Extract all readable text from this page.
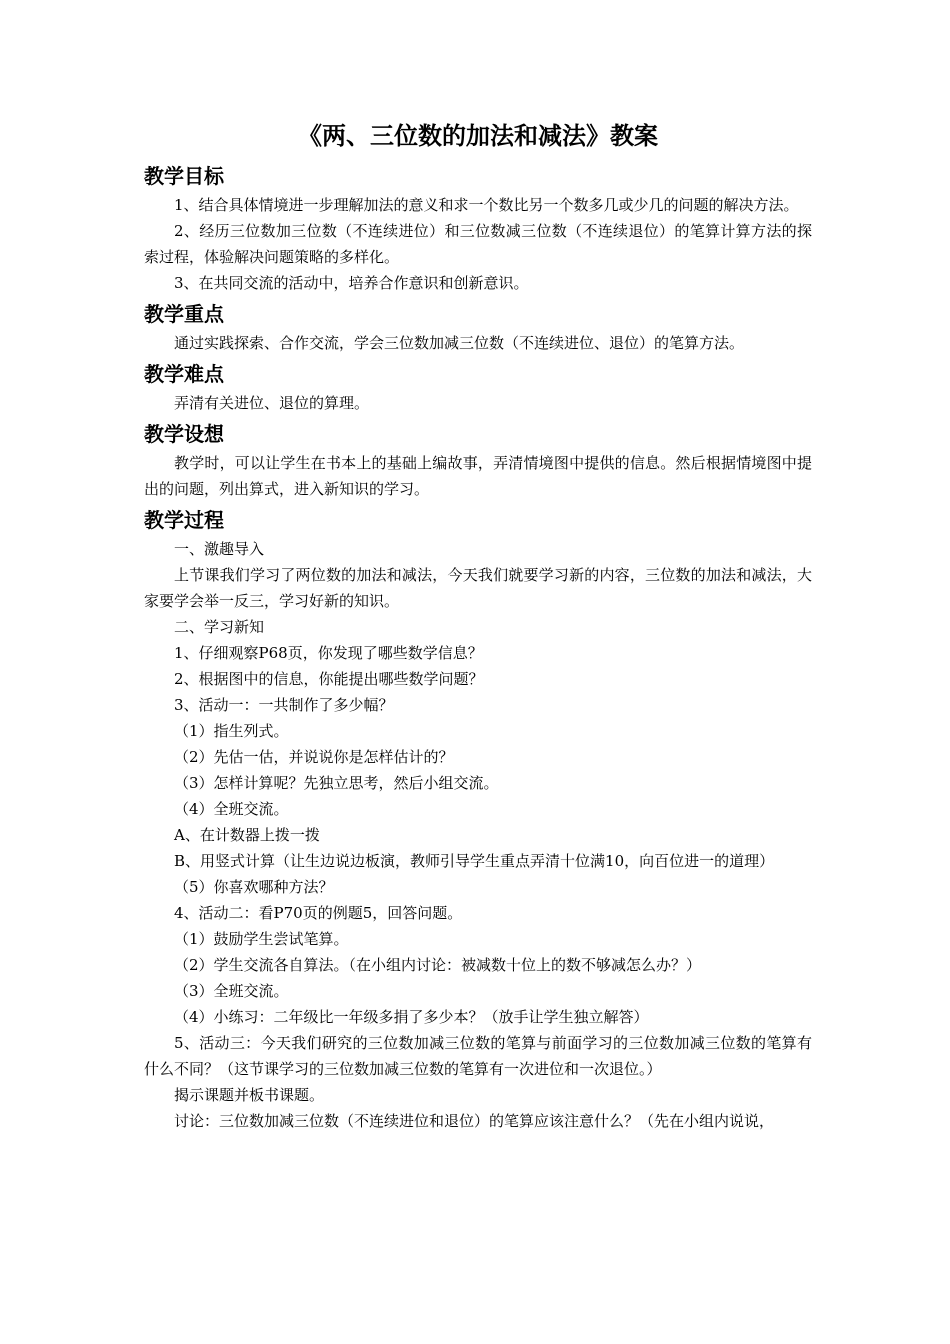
《两、三位数的加法和减法》教案
教学目标

1、结合具体情境进一步理解加法的意义和求一个数比另一个数多几或少几的问题的解决方法。

2、经历三位数加三位数（不连续进位）和三位数减三位数（不连续退位）的笔算计算方法的探索过程，体验解决问题策略的多样化。

3、在共同交流的活动中，培养合作意识和创新意识。

教学重点

通过实践探索、合作交流，学会三位数加减三位数（不连续进位、退位）的笔算方法。

教学难点

弄清有关进位、退位的算理。

教学设想

教学时，可以让学生在书本上的基础上编故事，弄清情境图中提供的信息。然后根据情境图中提出的问题，列出算式，进入新知识的学习。

教学过程

一、激趣导入

上节课我们学习了两位数的加法和减法，今天我们就要学习新的内容，三位数的加法和减法，大家要学会举一反三，学习好新的知识。

二、学习新知

1、仔细观察P68页，你发现了哪些数学信息？

2、根据图中的信息，你能提出哪些数学问题？

3、活动一：一共制作了多少幅？

（1）指生列式。

（2）先估一估，并说说你是怎样估计的？

（3）怎样计算呢？先独立思考，然后小组交流。

（4）全班交流。

A、在计数器上拨一拨

B、用竖式计算（让生边说边板演，教师引导学生重点弄清十位满10，向百位进一的道理）

（5）你喜欢哪种方法？

4、活动二：看P70页的例题5，回答问题。

（1）鼓励学生尝试笔算。

（2）学生交流各自算法。（在小组内讨论：被减数十位上的数不够减怎么办？）

（3）全班交流。

（4）小练习：二年级比一年级多捐了多少本？（放手让学生独立解答）

5、活动三：今天我们研究的三位数加减三位数的笔算与前面学习的三位数加减三位数的笔算有什么不同？（这节课学习的三位数加减三位数的笔算有一次进位和一次退位。）

揭示课题并板书课题。

讨论：三位数加减三位数（不连续进位和退位）的笔算应该注意什么？（先在小组内说说，
